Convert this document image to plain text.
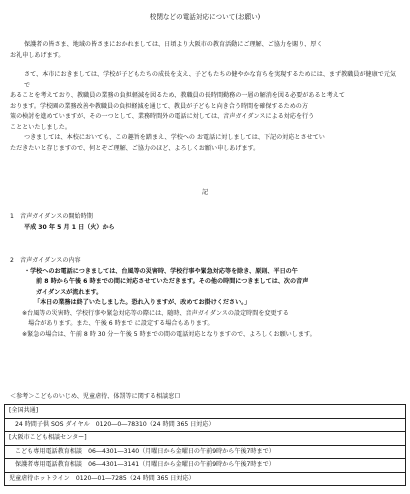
校閉などの電話対応について(お願い)
保護者の皆さま、地域の皆さまにおかれましては、日頃より大阪市の教育活動にご理解、ご協力を賜り、厚く
お礼申しあげます。
さて、本市におきましては、学校が子どもたちの成長を支え、子どもたちの健やかな育ちを実現するためには、まず教職員が健康で元気で
あることを考えており、教職員の業務の負担軽減を図るため、教職員の長時間勤務の一層の解消を図る必要があると考えて
おります。学校園の業務改善や教職員の負担軽減を通じて、教員が子どもと向き合う時間を確保するための方
策の検討を進めていますが、その一つとして、業務時間外の電話に対しては、音声ガイダンスによる対応を行う
ことといたしました。
つきましては、本校においても、この趣旨を踏まえ、学校への お電話に対しましては、下記の対応とさせてい
ただきたいと存じますので、何とぞご理解、ご協力のほど、よろしくお願い申しあげます。
記
1　音声ガイダンスの開始時期
平成 30 年 5 月 1 日（火）から
2　音声ガイダンスの内容
・学校へのお電話につきましては、台風等の災害時、学校行事や緊急対応等を除き、原則、平日の午
前 8 時から午後 6 時までの間に対応させていただきます。その他の時間につきましては、次の音声
ガイダンスが流れます。
「本日の業務は終了いたしました。恐れ入りますが、改めてお掛けください。」
※台風等の災害時、学校行事や緊急対応等の際には、随時、音声ガイダンスの設定時間を変更する
　場合があります。また、午後 6 時まで に設定する場合もあります。
※緊急の場合は、午前 8 時 30 分～午後 5 時までの間の電話対応となりますので、よろしくお願いします。
＜参考＞こどものいじめ、児童虐待、体罰等に関する相談窓口
[全国共通]
24 時間子供 SOS ダイヤル　0120―0―78310（24 時間 365 日対応）
[大阪市こども相談センター]
こども専用電話教育相談　06―4301―3140（月曜日から金曜日の午前9時から午後7時まで）
保護者専用電話教育相談　06―4301―3141（月曜日から金曜日の午前9時から午後7時まで）
児童虐待ホットライン　0120―01―7285（24 時間 365 日対応）
